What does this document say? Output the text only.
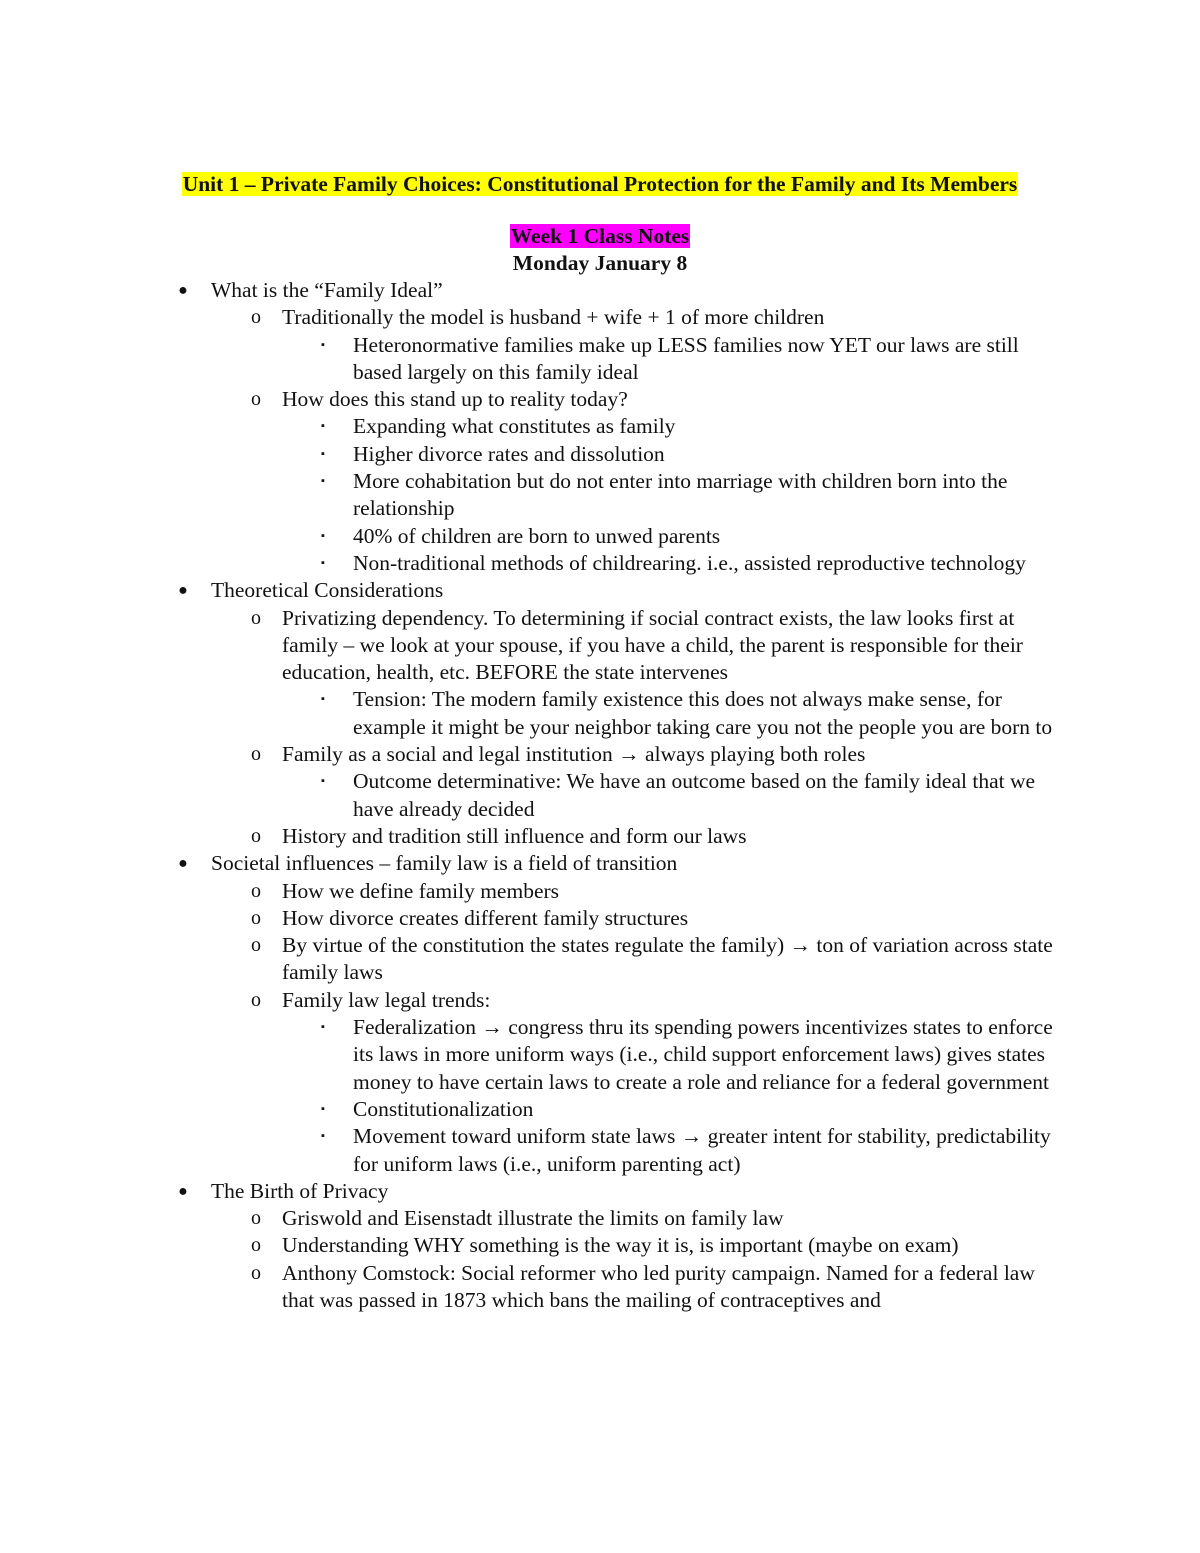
Unit 1 – Private Family Choices: Constitutional Protection for the Family and Its Members

Week 1 Class Notes

Monday January 8

● What is the “Family Ideal”
o Traditionally the model is husband + wife + 1 of more children
▪ Heteronormative families make up LESS families now YET our laws are still based largely on this family ideal
o How does this stand up to reality today?
▪ Expanding what constitutes as family
▪ Higher divorce rates and dissolution
▪ More cohabitation but do not enter into marriage with children born into the relationship
▪ 40% of children are born to unwed parents
▪ Non-traditional methods of childrearing. i.e., assisted reproductive technology
● Theoretical Considerations
o Privatizing dependency. To determining if social contract exists, the law looks first at family – we look at your spouse, if you have a child, the parent is responsible for their education, health, etc. BEFORE the state intervenes
▪ Tension: The modern family existence this does not always make sense, for example it might be your neighbor taking care you not the people you are born to
o Family as a social and legal institution → always playing both roles
▪ Outcome determinative: We have an outcome based on the family ideal that we have already decided
o History and tradition still influence and form our laws
● Societal influences – family law is a field of transition
o How we define family members
o How divorce creates different family structures
o By virtue of the constitution the states regulate the family) → ton of variation across state family laws
o Family law legal trends:
▪ Federalization → congress thru its spending powers incentivizes states to enforce its laws in more uniform ways (i.e., child support enforcement laws) gives states money to have certain laws to create a role and reliance for a federal government
▪ Constitutionalization
▪ Movement toward uniform state laws → greater intent for stability, predictability for uniform laws (i.e., uniform parenting act)
● The Birth of Privacy
o Griswold and Eisenstadt illustrate the limits on family law
o Understanding WHY something is the way it is, is important (maybe on exam)
o Anthony Comstock: Social reformer who led purity campaign. Named for a federal law that was passed in 1873 which bans the mailing of contraceptives and
